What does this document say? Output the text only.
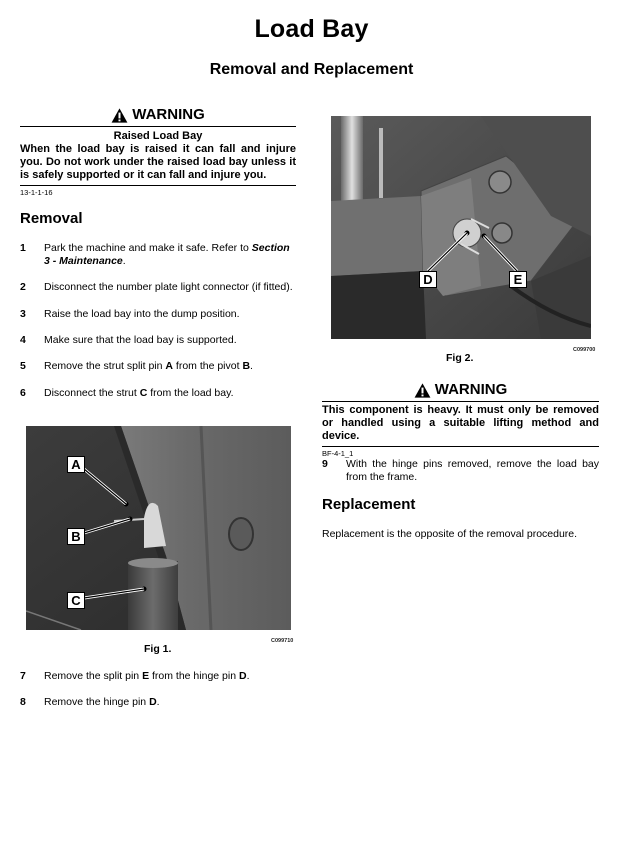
Load Bay
Removal and Replacement
WARNING
Raised Load Bay
When the load bay is raised it can fall and injure you. Do not work under the raised load bay unless it is safely supported or it can fall and injure you.
13-1-1-16
Removal
1	Park the machine and make it safe. Refer to Section 3 - Maintenance.
2	Disconnect the number plate light connector (if fitted).
3	Raise the load bay into the dump position.
4	Make sure that the load bay is supported.
5	Remove the strut split pin A from the pivot B.
6	Disconnect the strut C from the load bay.
A
B
C
C099710
Fig 1.
7	Remove the split pin E from the hinge pin D.
8	Remove the hinge pin D.
D	E
C099700
Fig 2.
WARNING
This component is heavy. It must only be removed or handled using a suitable lifting method and device.
BF-4-1_1
9	With the hinge pins removed, remove the load bay from the frame.
Replacement
Replacement is the opposite of the removal procedure.
